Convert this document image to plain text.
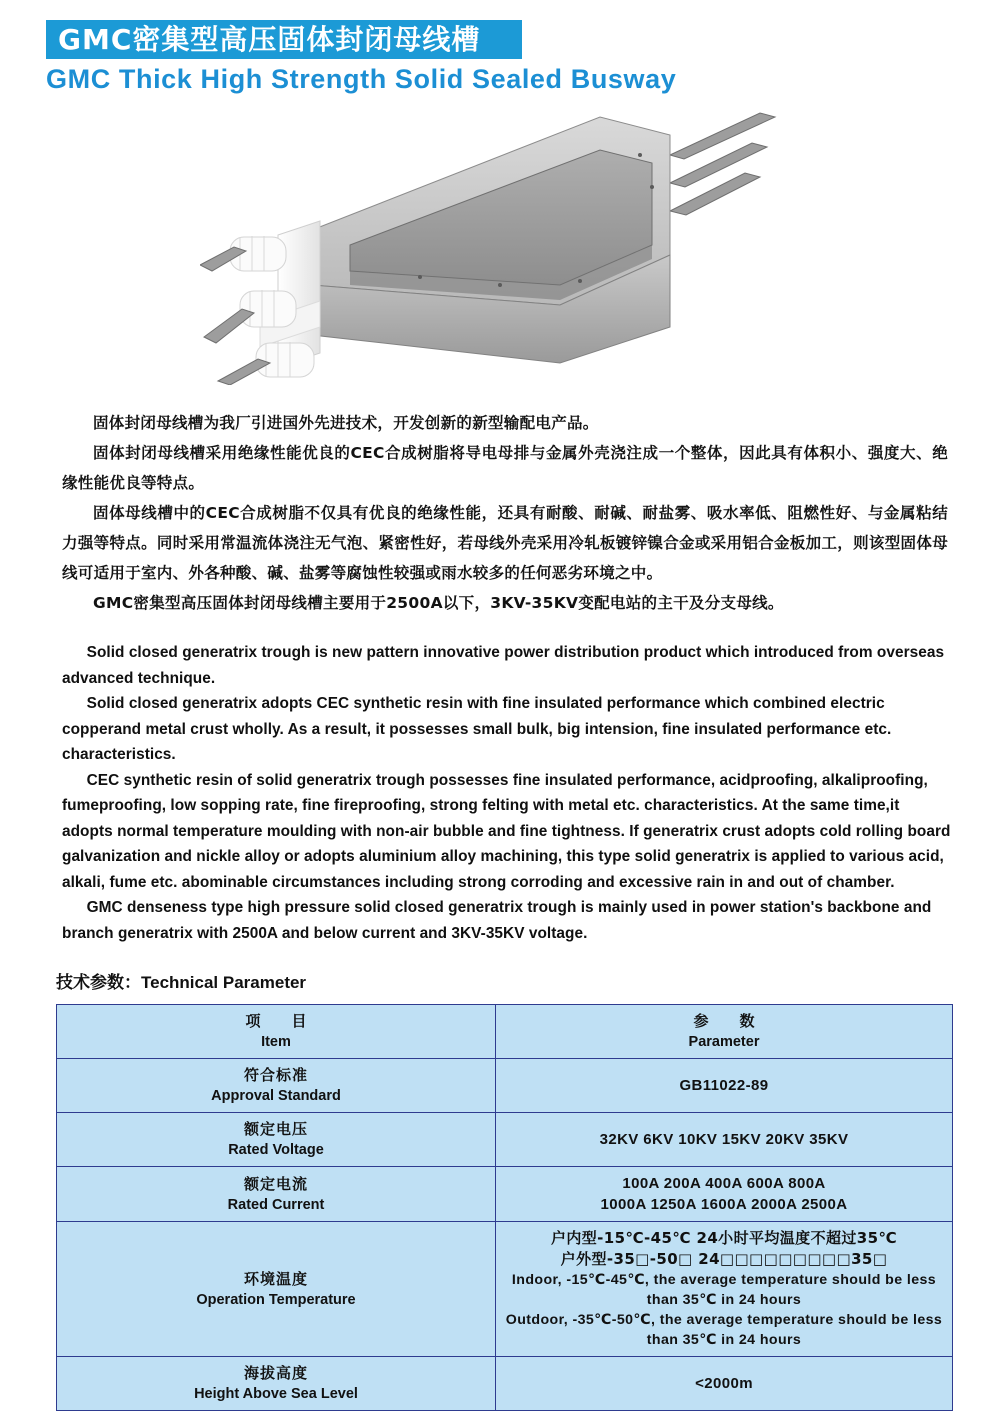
GMC密集型高压固体封闭母线槽
GMC Thick High Strength Solid Sealed Busway

固体封闭母线槽为我厂引进国外先进技术，开发创新的新型输配电产品。

固体封闭母线槽采用绝缘性能优良的CEC合成树脂将导电母排与金属外壳浇注成一个整体，因此具有体积小、强度大、绝缘性能优良等特点。

固体母线槽中的CEC合成树脂不仅具有优良的绝缘性能，还具有耐酸、耐碱、耐盐雾、吸水率低、阻燃性好、与金属粘结力强等特点。同时采用常温流体浇注无气泡、紧密性好，若母线外壳采用冷轧板镀锌镍合金或采用铝合金板加工，则该型固体母线可适用于室内、外各种酸、碱、盐雾等腐蚀性较强或雨水较多的任何恶劣环境之中。

GMC密集型高压固体封闭母线槽主要用于2500A以下，3KV-35KV变配电站的主干及分支母线。

Solid closed generatrix trough is new pattern innovative power distribution product which introduced from overseas advanced technique.

Solid closed generatrix adopts CEC synthetic resin with fine insulated performance which combined electric copperand metal crust wholly. As a result, it possesses small bulk, big intension, fine insulated performance etc. characteristics.

CEC synthetic resin of solid generatrix trough possesses fine insulated performance, acidproofing, alkaliproofing, fumeproofing, low sopping rate, fine fireproofing, strong felting with metal etc. characteristics. At the same time,it adopts normal temperature moulding with non-air bubble and fine tightness. If generatrix crust adopts cold rolling board galvanization and nickle alloy or adopts aluminium alloy machining, this type solid generatrix is applied to various acid, alkali, fume etc. abominable circumstances including strong corroding and excessive rain in and out of chamber.

GMC denseness type high pressure solid closed generatrix trough is mainly used in power station's backbone and branch generatrix with 2500A and below current and 3KV-35KV voltage.

技术参数：Technical Parameter
项　目
Item	参　数
Parameter

符合标准
Approval Standard	GB11022-89

额定电压
Rated Voltage	32KV 6KV 10KV 15KV 20KV 35KV

额定电流
Rated Current	100A 200A 400A 600A 800A
1000A 1250A 1600A 2000A 2500A

环境温度
Operation Temperature	户内型-15℃-45℃ 24小时平均温度不超过35℃
户外型-35□-50□ 24□□□□□□□□□35□
Indoor, -15℃-45℃, the average temperature should be less than 35℃ in 24 hours
Outdoor, -35℃-50℃, the average temperature should be less than 35℃ in 24 hours

海拔高度
Height Above Sea Level	<2000m
